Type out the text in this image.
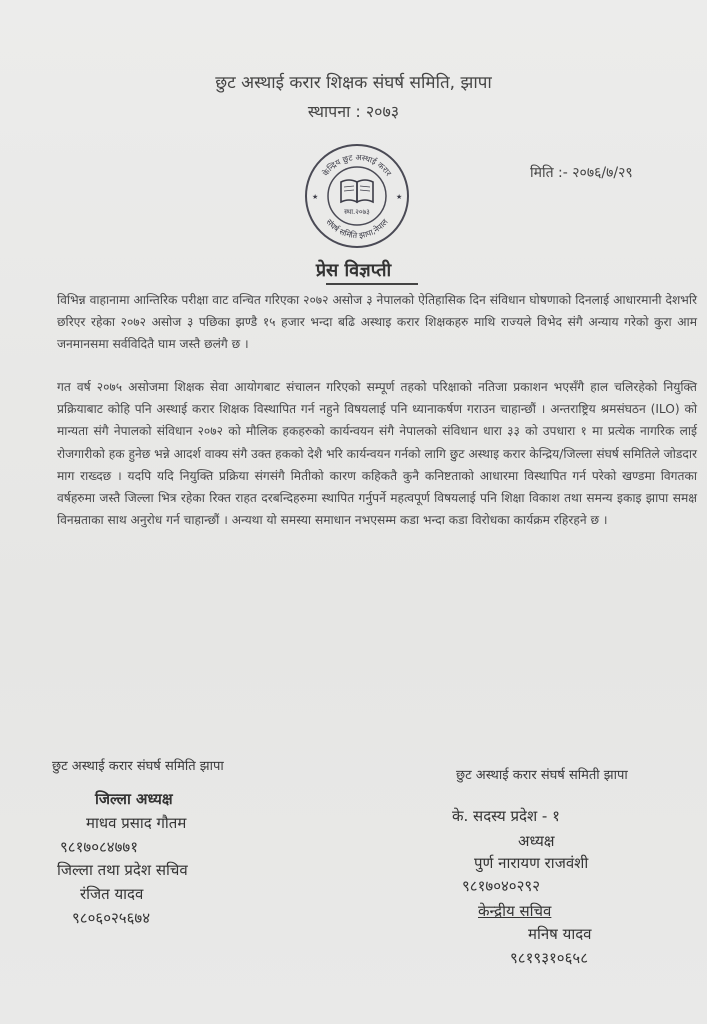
छुट अस्थाई करार शिक्षक संघर्ष समिति, झापा
स्थापना : २०७३
मिति :- २०७६/७/२९
केन्द्रिय छुट अस्थाई करार
संघर्ष समिति झापा,नेपाल
स्था.२०७३
★	★
प्रेस विज्ञप्ती
विभिन्न वाहानामा आन्तिरिक परीक्षा वाट वन्चित गरिएका २०७२ असोज ३ नेपालको ऐतिहासिक दिन संविधान घोषणाको दिनलाई आधारमानी देशभरि छरिएर रहेका २०७२ असोज ३ पछिका झण्डै १५ हजार भन्दा बढि अस्थाइ करार शिक्षकहरु माथि राज्यले विभेद संगै अन्याय गरेको कुरा आम जनमानसमा सर्वविदितै घाम जस्तै छलंगै छ ।
गत वर्ष २०७५ असोजमा शिक्षक सेवा आयोगबाट संचालन गरिएको सम्पूर्ण तहको परिक्षाको नतिजा प्रकाशन भएसँगै हाल चलिरहेको नियुक्ति प्रक्रियाबाट कोहि पनि अस्थाई करार शिक्षक विस्थापित गर्न नहुने विषयलाई पनि ध्यानाकर्षण गराउन चाहान्छौं । अन्तराष्ट्रिय श्रमसंघठन (ILO) को मान्यता संगै नेपालको संविधान २०७२ को मौलिक हकहरुको कार्यन्वयन संगै नेपालको संविधान धारा ३३ को उपधारा १ मा प्रत्येक नागरिक लाई रोजगारीको हक हुनेछ भन्ने आदर्श वाक्य संगै उक्त हकको देशै भरि कार्यन्वयन गर्नको लागि छुट अस्थाइ करार केन्द्रिय/जिल्ला संघर्ष समितिले जोडदार माग राख्दछ । यदपि यदि नियुक्ति प्रक्रिया संगसंगै मितीको कारण कहिकतै कुनै कनिष्टताको आधारमा विस्थापित गर्न परेको खण्डमा विगतका वर्षहरुमा जस्तै जिल्ला भित्र रहेका रिक्त राहत दरबन्दिहरुमा स्थापित गर्नुपर्ने महत्वपूर्ण विषयलाई पनि शिक्षा विकाश तथा समन्य इकाइ झापा समक्ष विनम्रताका साथ अनुरोध गर्न चाहान्छौं । अन्यथा यो समस्या समाधान नभएसम्म कडा भन्दा कडा विरोधका कार्यक्रम रहिरहने छ ।
छुट अस्थाई करार संघर्ष समिति झापा
जिल्ला अध्यक्ष
माधव प्रसाद गौतम
९८१७०८४७७१
जिल्ला तथा प्रदेश सचिव
रंजित यादव
९८०६०२५६७४
छुट अस्थाई करार संघर्ष समिती झापा
के. सदस्य प्रदेश - १
अध्यक्ष
पुर्ण नारायण राजवंशी
९८१७०४०२९२
केन्द्रीय सचिव
मनिष यादव
९८१९३१०६५८
